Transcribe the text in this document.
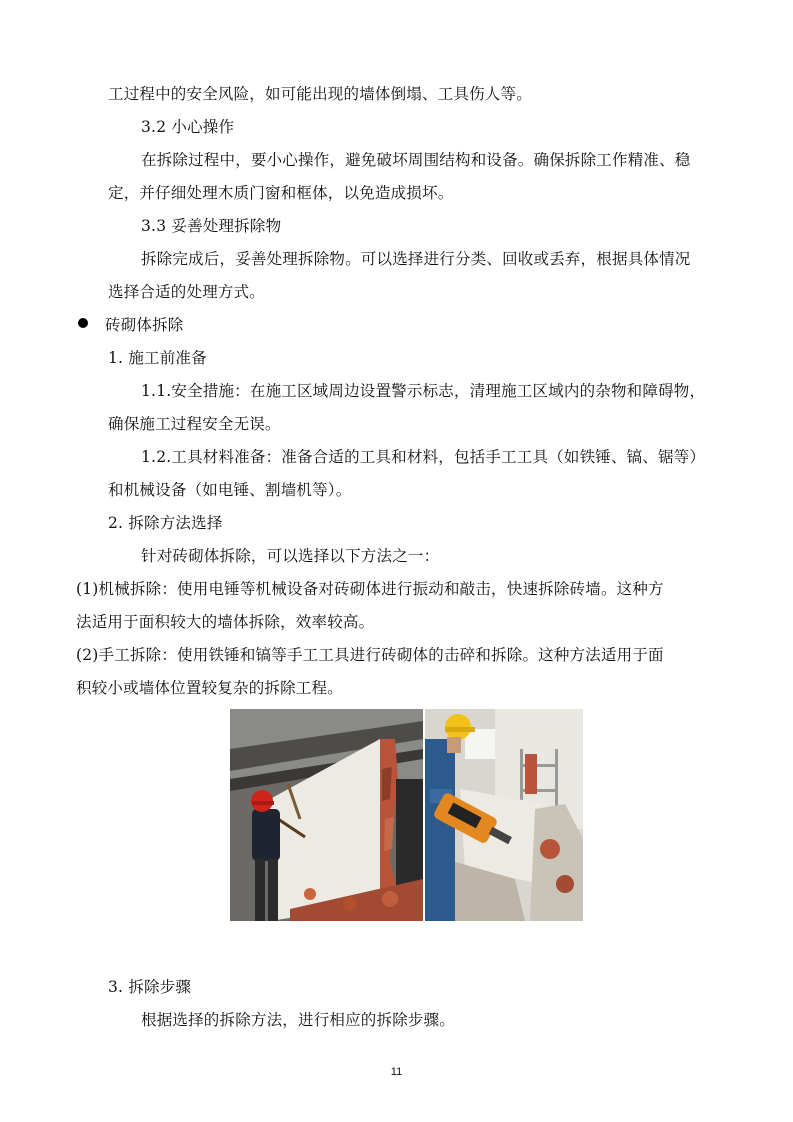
工过程中的安全风险，如可能出现的墙体倒塌、工具伤人等。
3.2 小心操作
在拆除过程中，要小心操作，避免破坏周围结构和设备。确保拆除工作精准、稳
定，并仔细处理木质门窗和框体，以免造成损坏。
3.3 妥善处理拆除物
拆除完成后，妥善处理拆除物。可以选择进行分类、回收或丢弃，根据具体情况
选择合适的处理方式。
砖砌体拆除
1. 施工前准备
1.1.安全措施：在施工区域周边设置警示标志，清理施工区域内的杂物和障碍物，
确保施工过程安全无误。
1.2.工具材料准备：准备合适的工具和材料，包括手工工具（如铁锤、镐、锯等）
和机械设备（如电锤、割墙机等）。
2. 拆除方法选择
针对砖砌体拆除，可以选择以下方法之一：
(1)机械拆除：使用电锤等机械设备对砖砌体进行振动和敲击，快速拆除砖墙。这种方
法适用于面积较大的墙体拆除，效率较高。
(2)手工拆除：使用铁锤和镐等手工工具进行砖砌体的击碎和拆除。这种方法适用于面
积较小或墙体位置较复杂的拆除工程。
3. 拆除步骤
根据选择的拆除方法，进行相应的拆除步骤。
11
